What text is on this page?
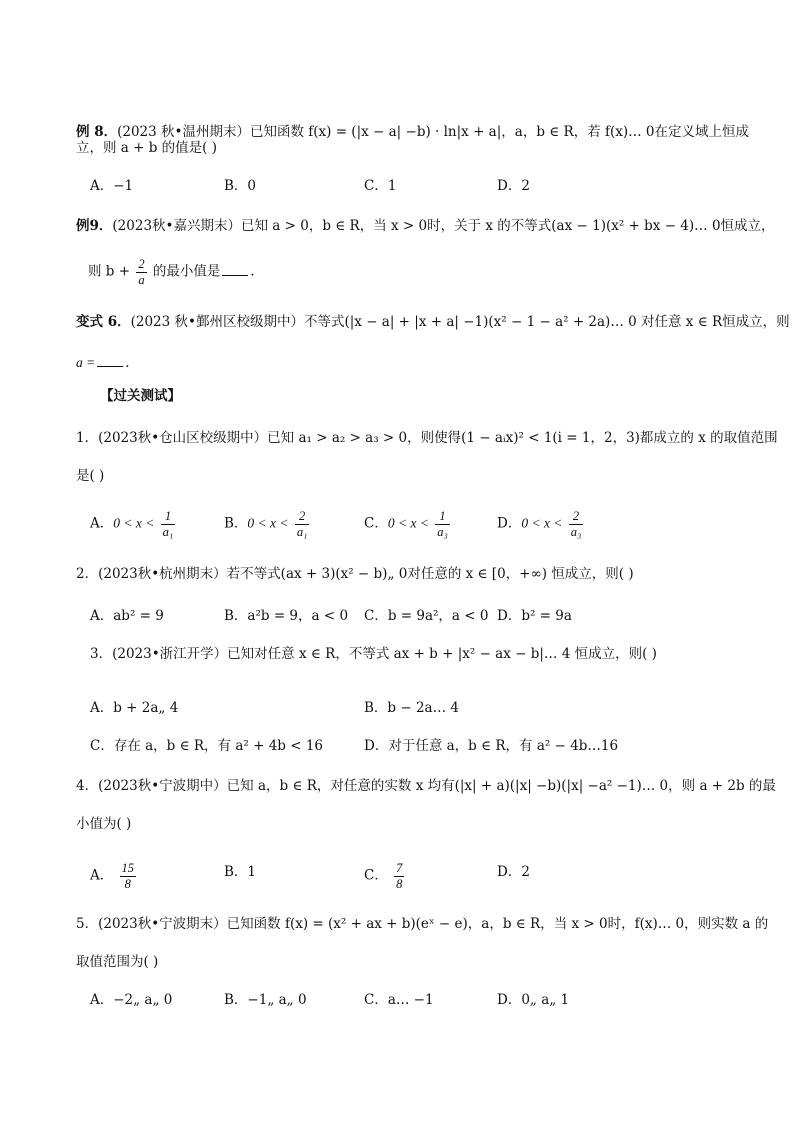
例 8．(2023 秋•温州期末）已知函数 f(x) = (|x − a| −b) · ln|x + a|，a，b ∈ R，若 f(x)… 0在定义域上恒成
立，则 a + b 的值是( )
A．−1	B．0	C．1	D．2
例9．(2023秋•嘉兴期末）已知 a > 0，b ∈ R，当 x > 0时，关于 x 的不等式(ax − 1)(x² + bx − 4)… 0恒成立，
则 $b + \frac{2}{a}$ 的最小值是 .
变式 6．(2023 秋•鄞州区校级期中）不等式(|x − a| + |x + a| −1)(x² − 1 − a² + 2a)… 0 对任意 x ∈ R恒成立，则
a = .
【过关测试】
1．(2023秋•仓山区校级期中）已知 a₁ > a₂ > a₃ > 0，则使得(1 − aᵢx)² < 1(i = 1，2，3)都成立的 x 的取值范围
是( )
A．$0 < x < \frac{1}{\text{a₁}}$	B．$0 < x < \frac{2}{\text{a₁}}$	C．$0 < x < \frac{1}{\text{a₃}}$	D．$0 < x < \frac{2}{\text{a₃}}$
2．(2023秋•杭州期末）若不等式(ax + 3)(x² − b)„ 0对任意的 x ∈ [0，+∞) 恒成立，则( )
A．ab² = 9	B．a²b = 9，a < 0 C．b = 9a²，a < 0 D．b² = 9a
3．(2023•浙江开学）已知对任意 x ∈ R，不等式 ax + b + |x² − ax − b|… 4 恒成立，则( )
A．b + 2a„ 4	B．b − 2a… 4
C．存在 a，b ∈ R，有 a² + 4b < 16	D．对于任意 a，b ∈ R，有 a² − 4b…16
4．(2023秋•宁波期中）已知 a，b ∈ R，对任意的实数 x 均有(|x| + a)(|x| −b)(|x| −a² −1)… 0，则 a + 2b 的最
小值为( )
A． $\frac{15}{8}$	B．1	C． $\frac{7}{8}$	D．2
5．(2023秋•宁波期末）已知函数 f(x) = (x² + ax + b)(eˣ − e)，a，b ∈ R，当 x > 0时，f(x)… 0，则实数 a 的
取值范围为( )
A．−2„ a„ 0	B．−1„ a„ 0	C．a… −1	D．0„ a„ 1
